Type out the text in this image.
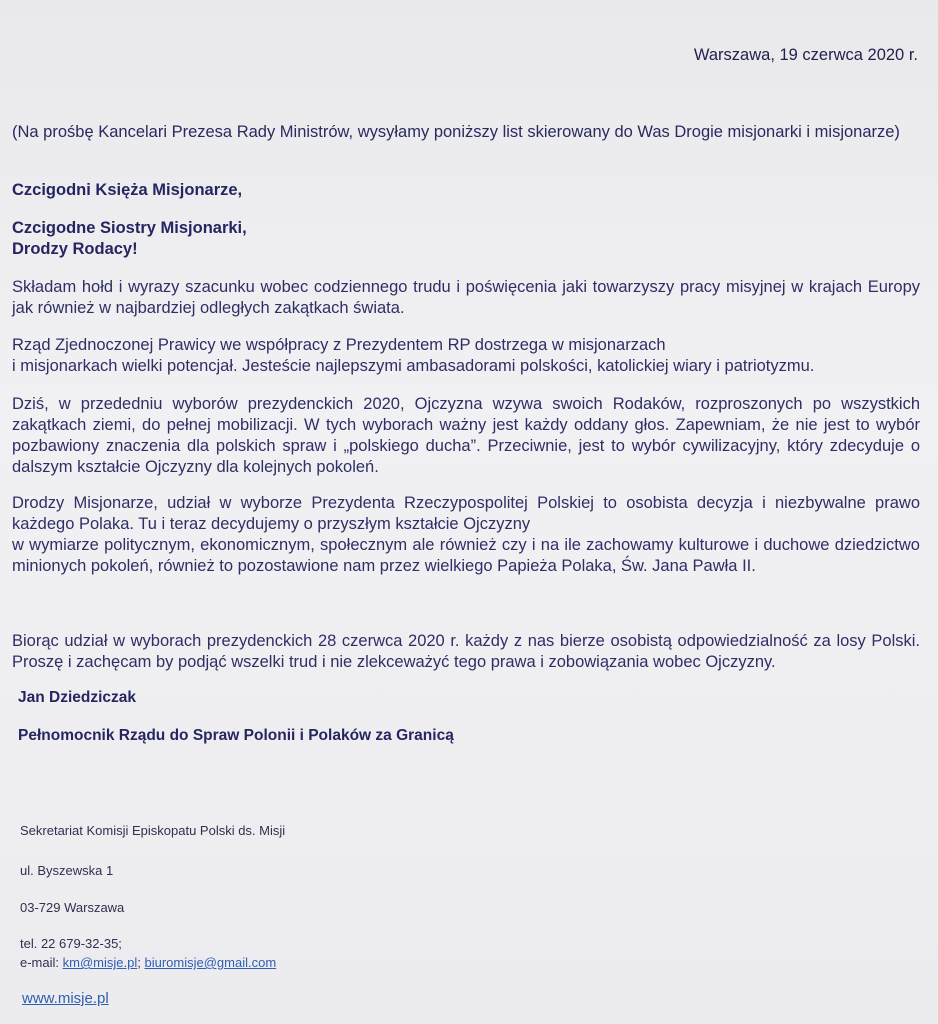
Warszawa, 19 czerwca 2020 r.
(Na prośbę Kancelari Prezesa Rady Ministrów, wysyłamy poniższy list skierowany do Was Drogie misjonarki i misjonarze)
Czcigodni Księża Misjonarze,
Czcigodne Siostry Misjonarki,
Drodzy Rodacy!
Składam hołd i wyrazy szacunku wobec codziennego trudu i poświęcenia jaki towarzyszy pracy misyjnej w krajach Europy jak również w najbardziej odległych zakątkach świata.
Rząd Zjednoczonej Prawicy we współpracy z Prezydentem RP dostrzega w misjonarzach
i misjonarkach wielki potencjał. Jesteście najlepszymi ambasadorami polskości, katolickiej wiary i patriotyzmu.
Dziś, w przededniu wyborów prezydenckich 2020, Ojczyzna wzywa swoich Rodaków, rozproszonych po wszystkich zakątkach ziemi, do pełnej mobilizacji. W tych wyborach ważny jest każdy oddany głos. Zapewniam, że nie jest to wybór pozbawiony znaczenia dla polskich spraw i „polskiego ducha”. Przeciwnie, jest to wybór cywilizacyjny, który zdecyduje o dalszym kształcie Ojczyzny dla kolejnych pokoleń.
Drodzy Misjonarze, udział w wyborze Prezydenta Rzeczypospolitej Polskiej to osobista decyzja i niezbywalne prawo każdego Polaka. Tu i teraz decydujemy o przyszłym kształcie Ojczyzny
w wymiarze politycznym, ekonomicznym, społecznym ale również czy i na ile zachowamy kulturowe i duchowe dziedzictwo minionych pokoleń, również to pozostawione nam przez wielkiego Papieża Polaka, Św. Jana Pawła II.
Biorąc udział w wyborach prezydenckich 28 czerwca 2020 r. każdy z nas bierze osobistą odpowiedzialność za losy Polski. Proszę i zachęcam by podjąć wszelki trud i nie zlekceważyć tego prawa i zobowiązania wobec Ojczyzny.
Jan Dziedziczak
Pełnomocnik Rządu do Spraw Polonii i Polaków za Granicą
Sekretariat Komisji Episkopatu Polski ds. Misji
ul. Byszewska 1
03-729 Warszawa
tel. 22 679-32-35;
e-mail: km@misje.pl; biuromisje@gmail.com
www.misje.pl
